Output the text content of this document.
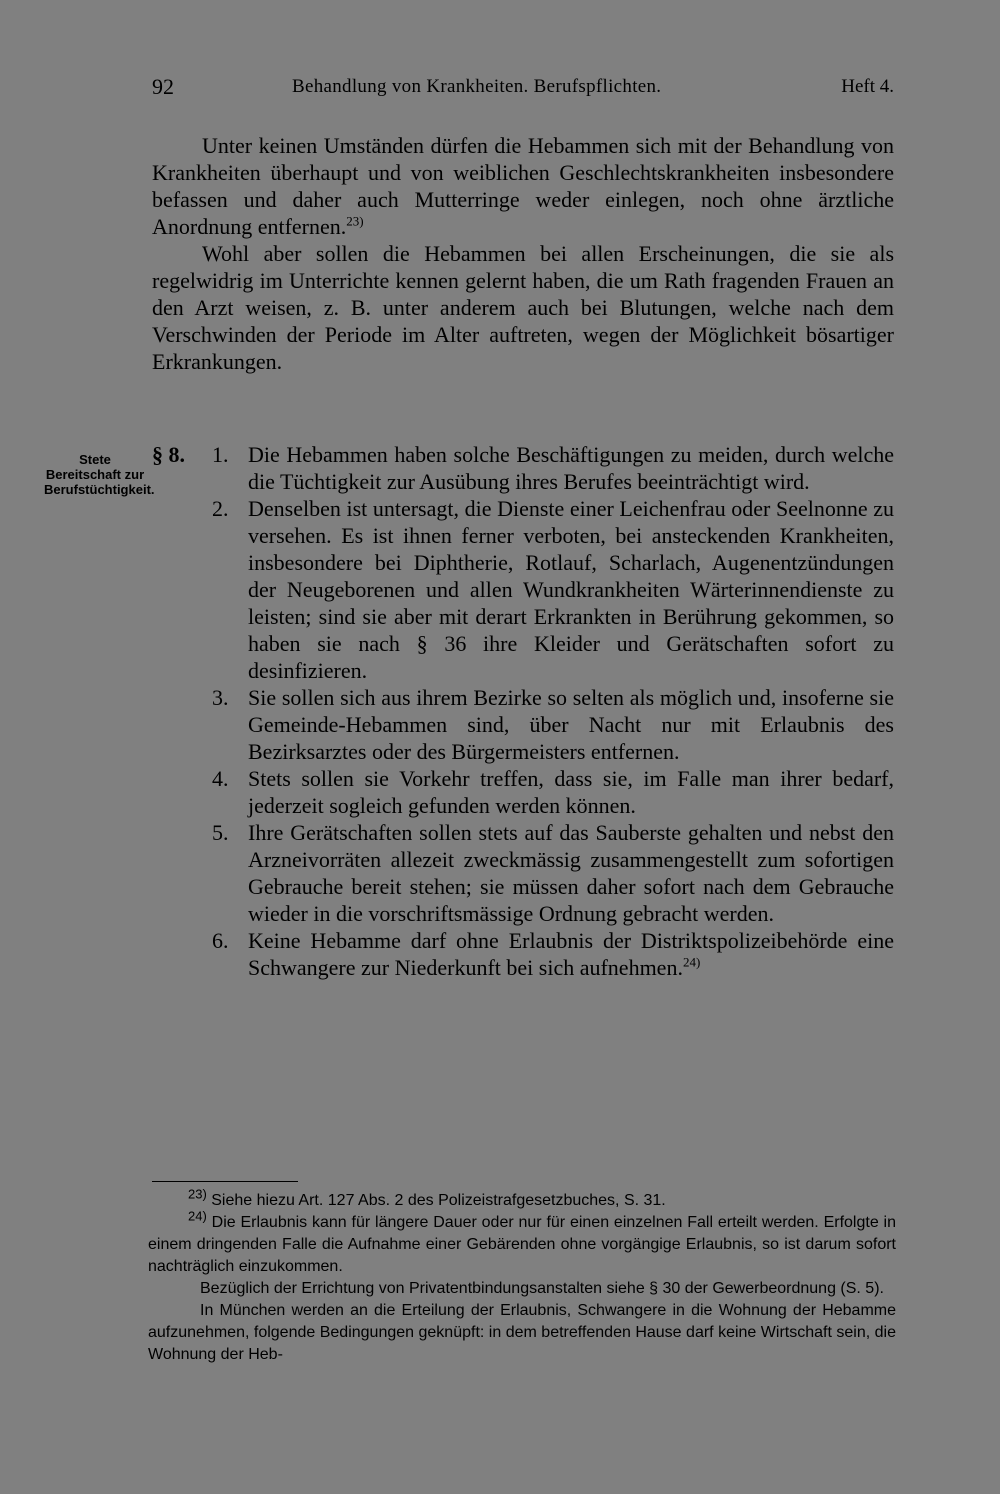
92	Behandlung von Krankheiten. Berufspflichten.	Heft 4.

Unter keinen Umständen dürfen die Hebammen sich mit der Behandlung von Krankheiten überhaupt und von weiblichen Geschlechtskrankheiten insbesondere befassen und daher auch Mutterringe weder einlegen, noch ohne ärztliche Anordnung entfernen.$^{23)}$

Wohl aber sollen die Hebammen bei allen Erscheinungen, die sie als regelwidrig im Unterrichte kennen gelernt haben, die um Rath fragenden Frauen an den Arzt weisen, z. B. unter anderem auch bei Blutungen, welche nach dem Verschwinden der Periode im Alter auftreten, wegen der Möglichkeit bösartiger Erkrankungen.

Stete Bereitschaft zur Berufstüchtigkeit.
§ 8. 1. Die Hebammen haben solche Beschäftigungen zu meiden, durch welche die Tüchtigkeit zur Ausübung ihres Berufes beeinträchtigt wird.
2. Denselben ist untersagt, die Dienste einer Leichenfrau oder Seelnonne zu versehen. Es ist ihnen ferner verboten, bei ansteckenden Krankheiten, insbesondere bei Diphtherie, Rotlauf, Scharlach, Augenentzündungen der Neugeborenen und allen Wundkrankheiten Wärterinnendienste zu leisten; sind sie aber mit derart Erkrankten in Berührung gekommen, so haben sie nach § 36 ihre Kleider und Gerätschaften sofort zu desinfizieren.
3. Sie sollen sich aus ihrem Bezirke so selten als möglich und, insoferne sie Gemeinde-Hebammen sind, über Nacht nur mit Erlaubnis des Bezirksarztes oder des Bürgermeisters entfernen.
4. Stets sollen sie Vorkehr treffen, dass sie, im Falle man ihrer bedarf, jederzeit sogleich gefunden werden können.
5. Ihre Gerätschaften sollen stets auf das Sauberste gehalten und nebst den Arzneivorräten allezeit zweckmässig zusammengestellt zum sofortigen Gebrauche bereit stehen; sie müssen daher sofort nach dem Gebrauche wieder in die vorschriftsmässige Ordnung gebracht werden.
6. Keine Hebamme darf ohne Erlaubnis der Distriktspolizeibehörde eine Schwangere zur Niederkunft bei sich aufnehmen.$^{24)}$

$^{23)}$ Siehe hiezu Art. 127 Abs. 2 des Polizeistrafgesetzbuches, S. 31.

$^{24)}$ Die Erlaubnis kann für längere Dauer oder nur für einen einzelnen Fall erteilt werden. Erfolgte in einem dringenden Falle die Aufnahme einer Gebärenden ohne vorgängige Erlaubnis, so ist darum sofort nachträglich einzukommen.

Bezüglich der Errichtung von Privatentbindungsanstalten siehe § 30 der Gewerbeordnung (S. 5).

In München werden an die Erteilung der Erlaubnis, Schwangere in die Wohnung der Hebamme aufzunehmen, folgende Bedingungen geknüpft: in dem betreffenden Hause darf keine Wirtschaft sein, die Wohnung der Heb-
